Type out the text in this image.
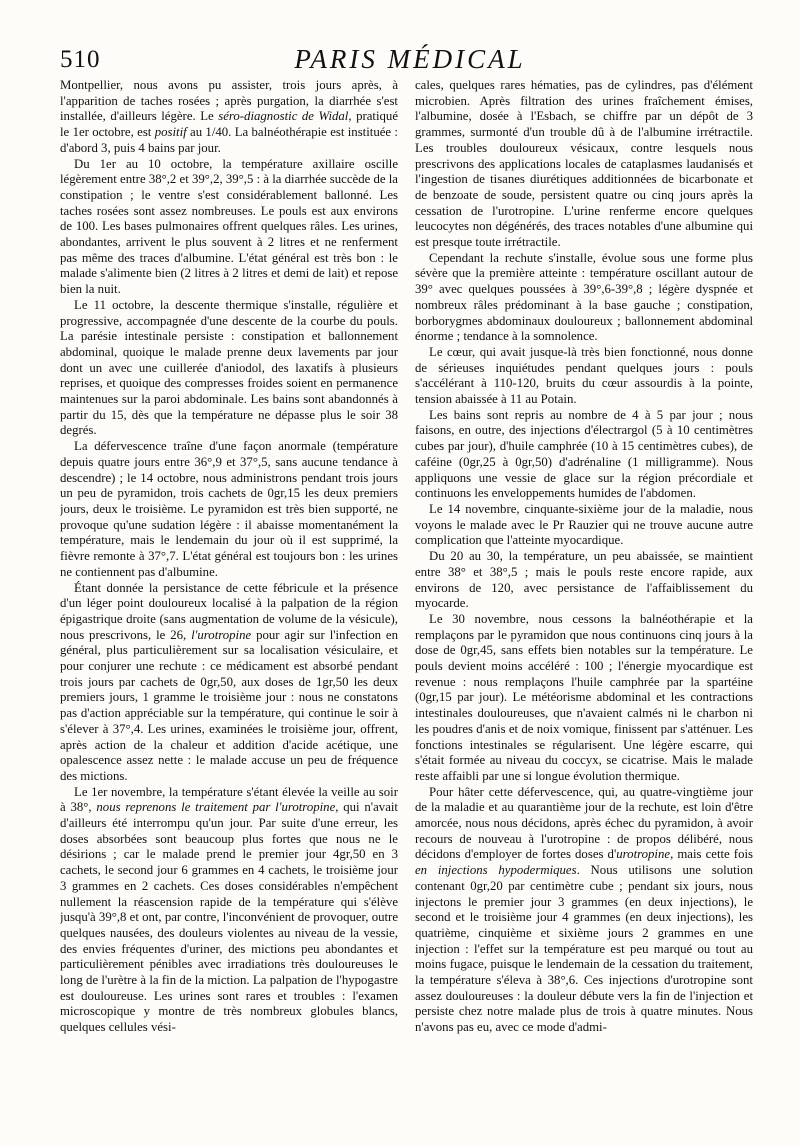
510	PARIS MÉDICAL

Montpellier, nous avons pu assister, trois jours après, à l'apparition de taches rosées ; après purgation, la diarrhée s'est installée, d'ailleurs légère. Le séro-diagnostic de Widal, pratiqué le 1er octobre, est positif au 1/40. La balnéothérapie est instituée : d'abord 3, puis 4 bains par jour.

Du 1er au 10 octobre, la température axillaire oscille légèrement entre 38°,2 et 39°,2, 39°,5 : à la diarrhée succède de la constipation ; le ventre s'est considérablement ballonné. Les taches rosées sont assez nombreuses. Le pouls est aux environs de 100. Les bases pulmonaires offrent quelques râles. Les urines, abondantes, arrivent le plus souvent à 2 litres et ne renferment pas même des traces d'albumine. L'état général est très bon : le malade s'alimente bien (2 litres à 2 litres et demi de lait) et repose bien la nuit.

Le 11 octobre, la descente thermique s'installe, régulière et progressive, accompagnée d'une descente de la courbe du pouls. La parésie intestinale persiste : constipation et ballonnement abdominal, quoique le malade prenne deux lavements par jour dont un avec une cuillerée d'aniodol, des laxatifs à plusieurs reprises, et quoique des compresses froides soient en permanence maintenues sur la paroi abdominale. Les bains sont abandonnés à partir du 15, dès que la température ne dépasse plus le soir 38 degrés.

La défervescence traîne d'une façon anormale (température depuis quatre jours entre 36°,9 et 37°,5, sans aucune tendance à descendre) ; le 14 octobre, nous administrons pendant trois jours un peu de pyramidon, trois cachets de 0gr,15 les deux premiers jours, deux le troisième. Le pyramidon est très bien supporté, ne provoque qu'une sudation légère : il abaisse momentanément la température, mais le lendemain du jour où il est supprimé, la fièvre remonte à 37°,7. L'état général est toujours bon : les urines ne contiennent pas d'albumine.

Étant donnée la persistance de cette fébricule et la présence d'un léger point douloureux localisé à la palpation de la région épigastrique droite (sans augmentation de volume de la vésicule), nous prescrivons, le 26, l'urotropine pour agir sur l'infection en général, plus particulièrement sur sa localisation vésiculaire, et pour conjurer une rechute : ce médicament est absorbé pendant trois jours par cachets de 0gr,50, aux doses de 1gr,50 les deux premiers jours, 1 gramme le troisième jour : nous ne constatons pas d'action appréciable sur la température, qui continue le soir à s'élever à 37°,4. Les urines, examinées le troisième jour, offrent, après action de la chaleur et addition d'acide acétique, une opalescence assez nette : le malade accuse un peu de fréquence des mictions.

Le 1er novembre, la température s'étant élevée la veille au soir à 38°, nous reprenons le traitement par l'urotropine, qui n'avait d'ailleurs été interrompu qu'un jour. Par suite d'une erreur, les doses absorbées sont beaucoup plus fortes que nous ne le désirions ; car le malade prend le premier jour 4gr,50 en 3 cachets, le second jour 6 grammes en 4 cachets, le troisième jour 3 grammes en 2 cachets. Ces doses considérables n'empêchent nullement la réascension rapide de la température qui s'élève jusqu'à 39°,8 et ont, par contre, l'inconvénient de provoquer, outre quelques nausées, des douleurs violentes au niveau de la vessie, des envies fréquentes d'uriner, des mictions peu abondantes et particulièrement pénibles avec irradiations très douloureuses le long de l'urètre à la fin de la miction. La palpation de l'hypogastre est douloureuse. Les urines sont rares et troubles : l'examen microscopique y montre de très nombreux globules blancs, quelques cellules vési-

cales, quelques rares hématies, pas de cylindres, pas d'élément microbien. Après filtration des urines fraîchement émises, l'albumine, dosée à l'Esbach, se chiffre par un dépôt de 3 grammes, surmonté d'un trouble dû à de l'albumine irrétractile. Les troubles douloureux vésicaux, contre lesquels nous prescrivons des applications locales de cataplasmes laudanisés et l'ingestion de tisanes diurétiques additionnées de bicarbonate et de benzoate de soude, persistent quatre ou cinq jours après la cessation de l'urotropine. L'urine renferme encore quelques leucocytes non dégénérés, des traces notables d'une albumine qui est presque toute irrétractile.

Cependant la rechute s'installe, évolue sous une forme plus sévère que la première atteinte : température oscillant autour de 39° avec quelques poussées à 39°,6-39°,8 ; légère dyspnée et nombreux râles prédominant à la base gauche ; constipation, borborygmes abdominaux douloureux ; ballonnement abdominal énorme ; tendance à la somnolence.

Le cœur, qui avait jusque-là très bien fonctionné, nous donne de sérieuses inquiétudes pendant quelques jours : pouls s'accélérant à 110-120, bruits du cœur assourdis à la pointe, tension abaissée à 11 au Potain.

Les bains sont repris au nombre de 4 à 5 par jour ; nous faisons, en outre, des injections d'électrargol (5 à 10 centimètres cubes par jour), d'huile camphrée (10 à 15 centimètres cubes), de caféine (0gr,25 à 0gr,50) d'adrénaline (1 milligramme). Nous appliquons une vessie de glace sur la région précordiale et continuons les enveloppements humides de l'abdomen.

Le 14 novembre, cinquante-sixième jour de la maladie, nous voyons le malade avec le Pr Rauzier qui ne trouve aucune autre complication que l'atteinte myocardique.

Du 20 au 30, la température, un peu abaissée, se maintient entre 38° et 38°,5 ; mais le pouls reste encore rapide, aux environs de 120, avec persistance de l'affaiblissement du myocarde.

Le 30 novembre, nous cessons la balnéothérapie et la remplaçons par le pyramidon que nous continuons cinq jours à la dose de 0gr,45, sans effets bien notables sur la température. Le pouls devient moins accéléré : 100 ; l'énergie myocardique est revenue : nous remplaçons l'huile camphrée par la spartéine (0gr,15 par jour). Le météorisme abdominal et les contractions intestinales douloureuses, que n'avaient calmés ni le charbon ni les poudres d'anis et de noix vomique, finissent par s'atténuer. Les fonctions intestinales se régularisent. Une légère escarre, qui s'était formée au niveau du coccyx, se cicatrise. Mais le malade reste affaibli par une si longue évolution thermique.

Pour hâter cette défervescence, qui, au quatre-vingtième jour de la maladie et au quarantième jour de la rechute, est loin d'être amorcée, nous nous décidons, après échec du pyramidon, à avoir recours de nouveau à l'urotropine : de propos délibéré, nous décidons d'employer de fortes doses d'urotropine, mais cette fois en injections hypodermiques. Nous utilisons une solution contenant 0gr,20 par centimètre cube ; pendant six jours, nous injectons le premier jour 3 grammes (en deux injections), le second et le troisième jour 4 grammes (en deux injections), les quatrième, cinquième et sixième jours 2 grammes en une injection : l'effet sur la température est peu marqué ou tout au moins fugace, puisque le lendemain de la cessation du traitement, la température s'éleva à 38°,6. Ces injections d'urotropine sont assez douloureuses : la douleur débute vers la fin de l'injection et persiste chez notre malade plus de trois à quatre minutes. Nous n'avons pas eu, avec ce mode d'admi-
